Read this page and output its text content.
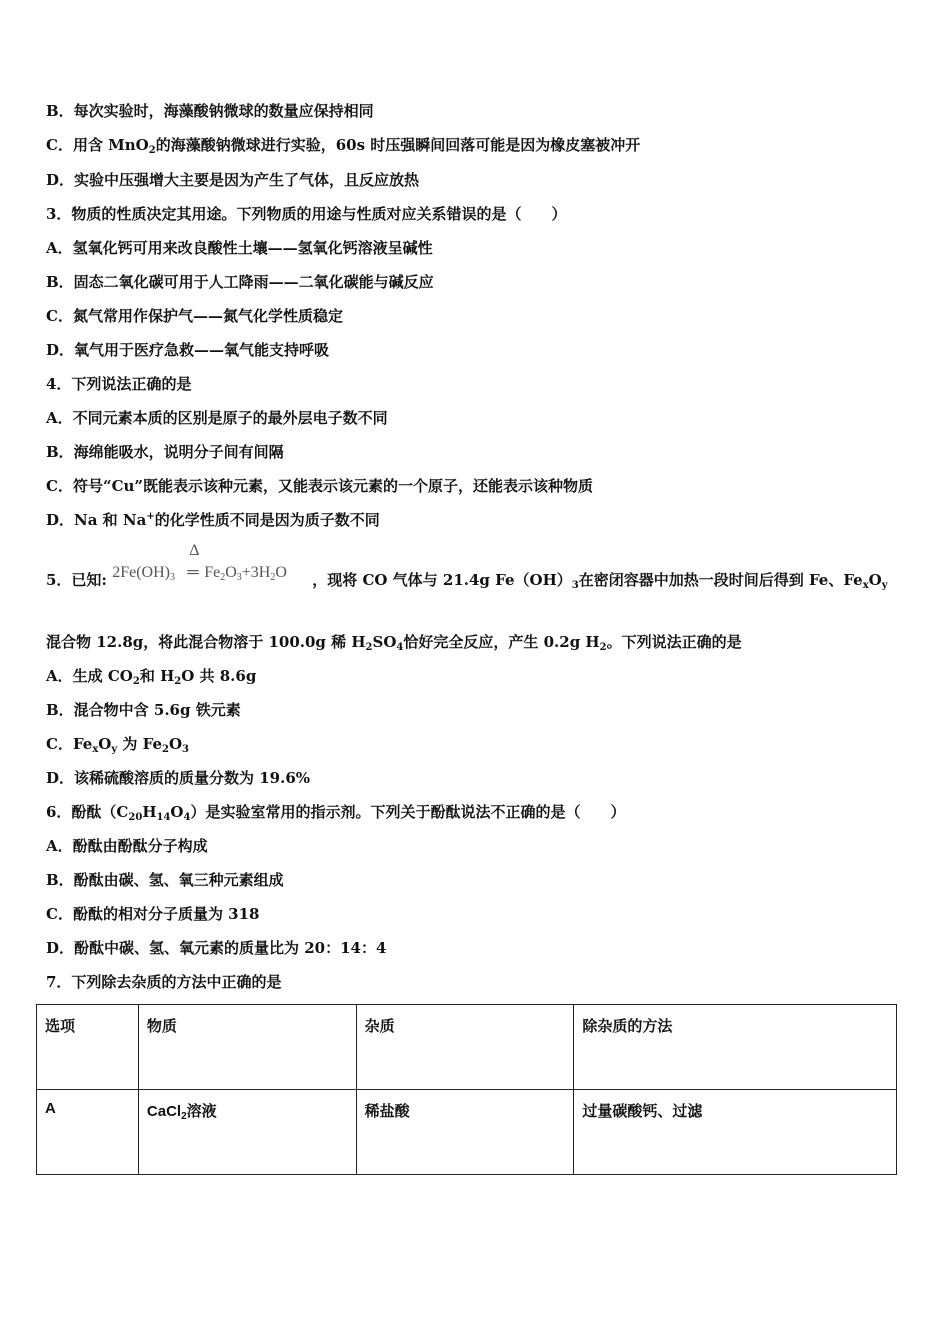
B．每次实验时，海藻酸钠微球的数量应保持相同
C．用含 MnO$_2$的海藻酸钠微球进行实验，60s 时压强瞬间回落可能是因为橡皮塞被冲开
D．实验中压强增大主要是因为产生了气体，且反应放热
3．物质的性质决定其用途。下列物质的用途与性质对应关系错误的是（　　）
A．氢氧化钙可用来改良酸性土壤——氢氧化钙溶液呈碱性
B．固态二氧化碳可用于人工降雨——二氧化碳能与碱反应
C．氮气常用作保护气——氮气化学性质稳定
D．氧气用于医疗急救——氧气能支持呼吸
4．下列说法正确的是
A．不同元素本质的区别是原子的最外层电子数不同
B．海绵能吸水，说明分子间有间隔
C．符号“Cu”既能表示该种元素，又能表示该元素的一个原子，还能表示该种物质
D．Na 和 Na+的化学性质不同是因为质子数不同
5．已知: $2Fe(OH)_3$
Δ
═ $Fe_2O_3+3H_2O$ ，现将 CO 气体与 21.4g $Fe(OH)_3$在密闭容器中加热一段时间后得到 Fe、$Fe_xO_y$
混合物 12.8g，将此混合物溶于 100.0g 稀 $H_2SO_4$恰好完全反应，产生 0.2g $H_2$。下列说法正确的是
A．生成 $CO_2$和 $H_2O$ 共 8.6g
B．混合物中含 5.6g 铁元素
C．$Fe_xO_y$ 为 $Fe_2O_3$
D．该稀硫酸溶质的质量分数为 19.6%
6．酚酞$(C_{20}H_{14}O_4)$是实验室常用的指示剂。下列关于酚酞说法不正确的是（　　）
A．酚酞由酚酞分子构成
B．酚酞由碳、氢、氧三种元素组成
C．酚酞的相对分子质量为 318
D．酚酞中碳、氢、氧元素的质量比为 20：14：4
7．下列除去杂质的方法中正确的是
选项	物质	杂质	除杂质的方法
A	CaCl$_2$溶液	稀盐酸	过量碳酸钙、过滤
